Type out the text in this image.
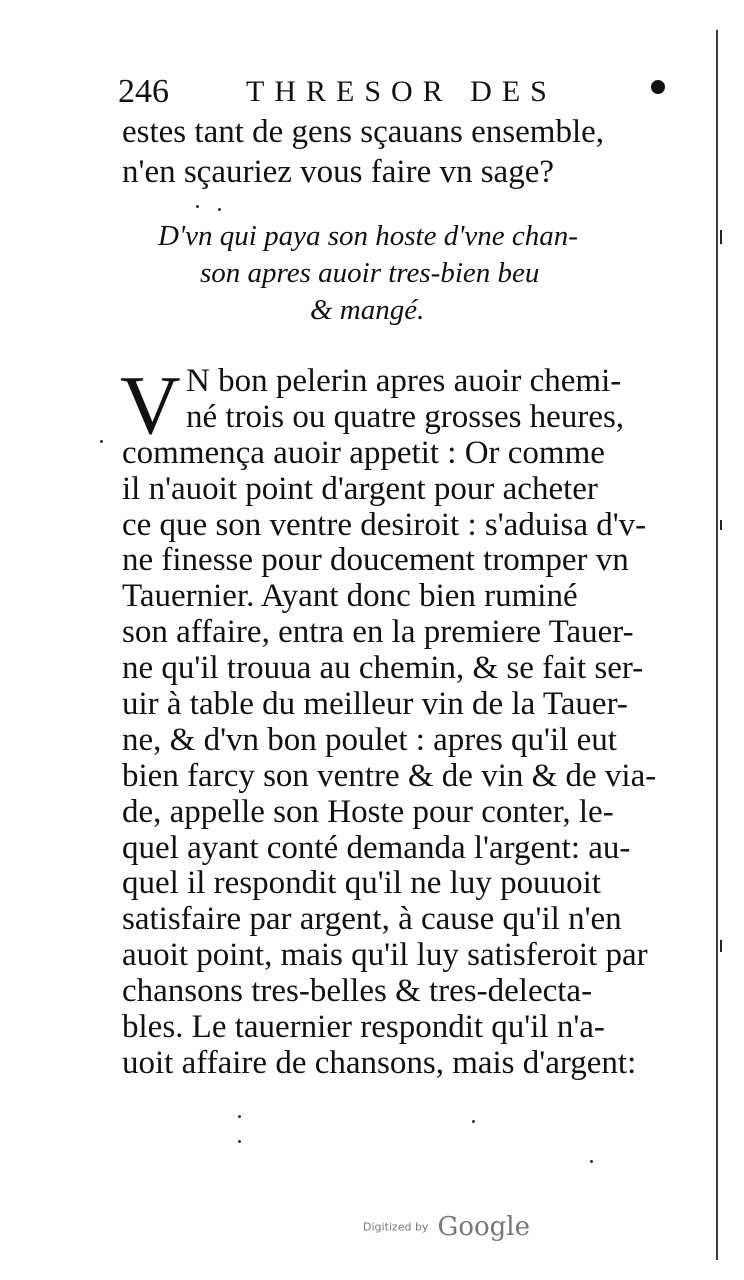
246	THRESOR DES
estes tant de gens sçauans ensemble,
n'en sçauriez vous faire vn sage?
D'vn qui paya son hoste d'vne chan-
son apres auoir tres-bien beu
& mangé.
V N bon pelerin apres auoir chemi-
né trois ou quatre grosses heures,
commença auoir appetit : Or comme
il n'auoit point d'argent pour acheter
ce que son ventre desiroit : s'aduisa d'v-
ne finesse pour doucement tromper vn
Tauernier. Ayant donc bien ruminé
son affaire, entra en la premiere Tauer-
ne qu'il trouua au chemin, & se fait ser-
uir à table du meilleur vin de la Tauer-
ne, & d'vn bon poulet : apres qu'il eut
bien farcy son ventre & de vin & de via-
de, appelle son Hoste pour conter, le-
quel ayant conté demanda l'argent: au-
quel il respondit qu'il ne luy pouuoit
satisfaire par argent, à cause qu'il n'en
auoit point, mais qu'il luy satisferoit par
chansons tres-belles & tres-delecta-
bles. Le tauernier respondit qu'il n'a-
uoit affaire de chansons, mais d'argent:
Digitized by Google
